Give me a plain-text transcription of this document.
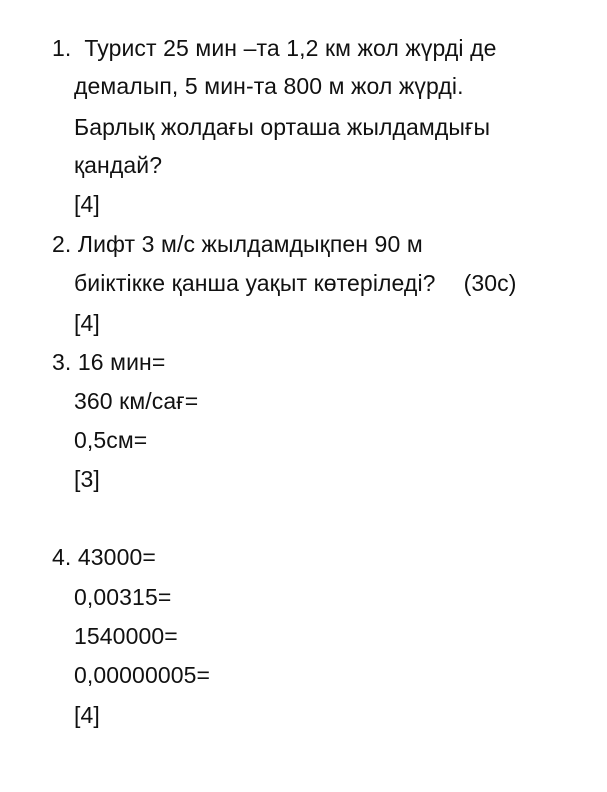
1. Турист 25 мин –та 1,2 км жол жүрді де
демалып, 5 мин-та 800 м жол жүрді.
Барлық жолдағы орташа жылдамдығы
қандай?
[4]
2. Лифт 3 м/с жылдамдықпен 90 м
биіктікке қанша уақыт көтеріледі? (30с)
[4]
3. 16 мин=
360 км/сағ=
0,5см=
[3]
4. 43000=
0,00315=
1540000=
0,00000005=
[4]
